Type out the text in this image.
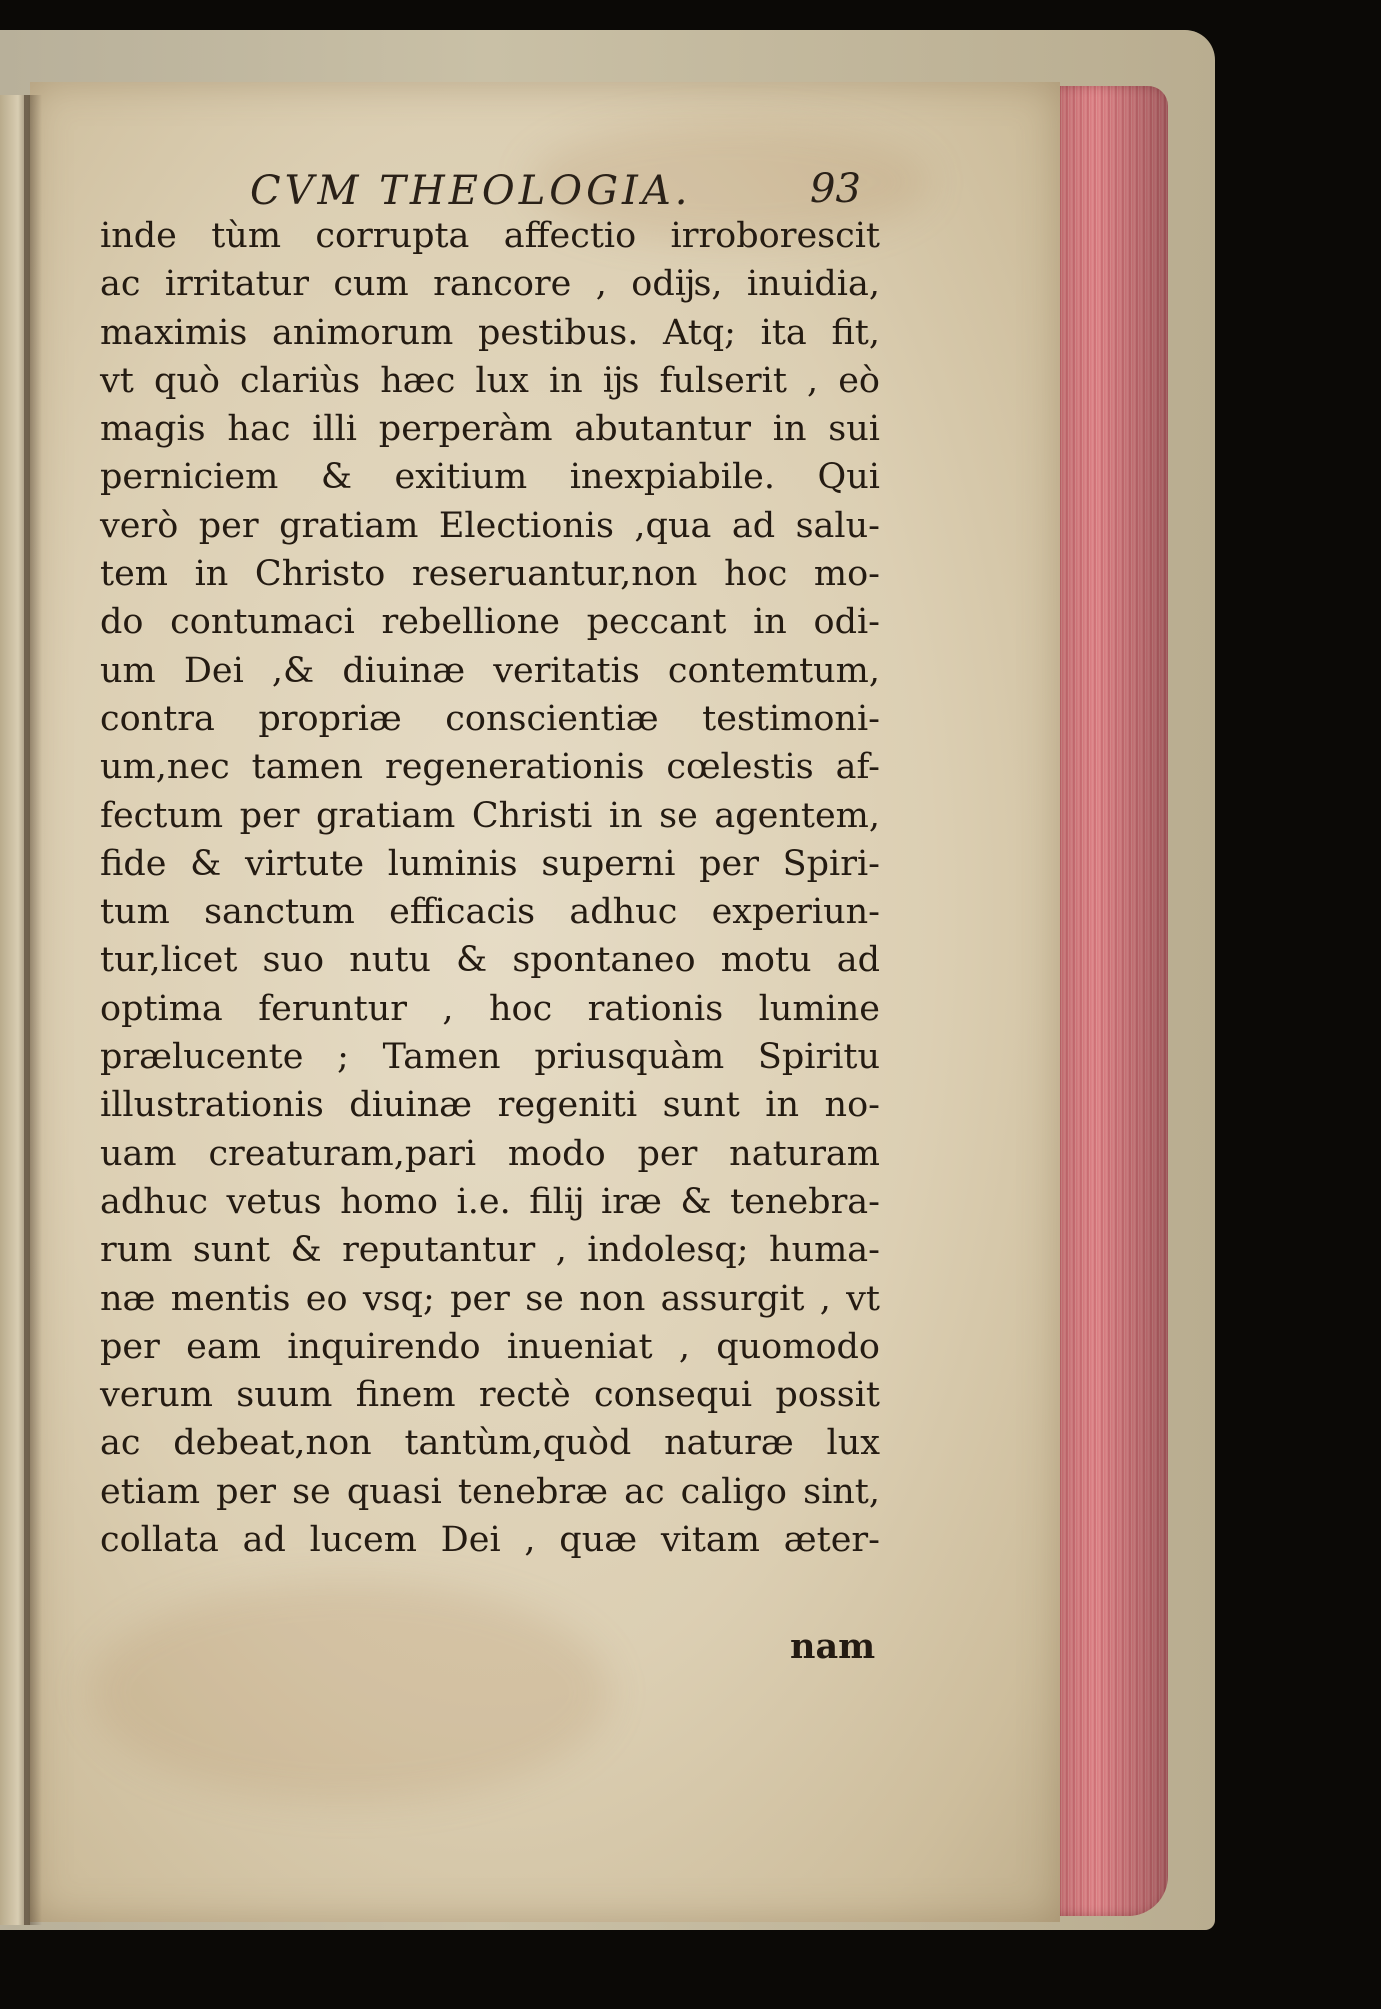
CVM THEOLOGIA.	93
inde tùm corrupta affectio irroborescit
ac irritatur cum rancore , odĳs, inuidia,
maximis animorum pestibus. Atq; ita fit,
vt quò clariùs hæc lux in ĳs fulserit , eò
magis hac illi perperàm abutantur in sui
perniciem & exitium inexpiabile. Qui
verò per gratiam Electionis ,qua ad salu-
tem in Christo reseruantur,non hoc mo-
do contumaci rebellione peccant in odi-
um Dei ,& diuinæ veritatis contemtum,
contra propriæ conscientiæ testimoni-
um,nec tamen regenerationis cœlestis af-
fectum per gratiam Christi in se agentem,
fide & virtute luminis superni per Spiri-
tum sanctum efficacis adhuc experiun-
tur,licet suo nutu & spontaneo motu ad
optima feruntur , hoc rationis lumine
prælucente ; Tamen priusquàm Spiritu
illustrationis diuinæ regeniti sunt in no-
uam creaturam,pari modo per naturam
adhuc vetus homo i.e. filĳ iræ & tenebra-
rum sunt & reputantur , indolesq; huma-
næ mentis eo vsq; per se non assurgit , vt
per eam inquirendo inueniat , quomodo
verum suum finem rectè consequi possit
ac debeat,non tantùm,quòd naturæ lux
etiam per se quasi tenebræ ac caligo sint,
collata ad lucem Dei , quæ vitam æter-
nam
